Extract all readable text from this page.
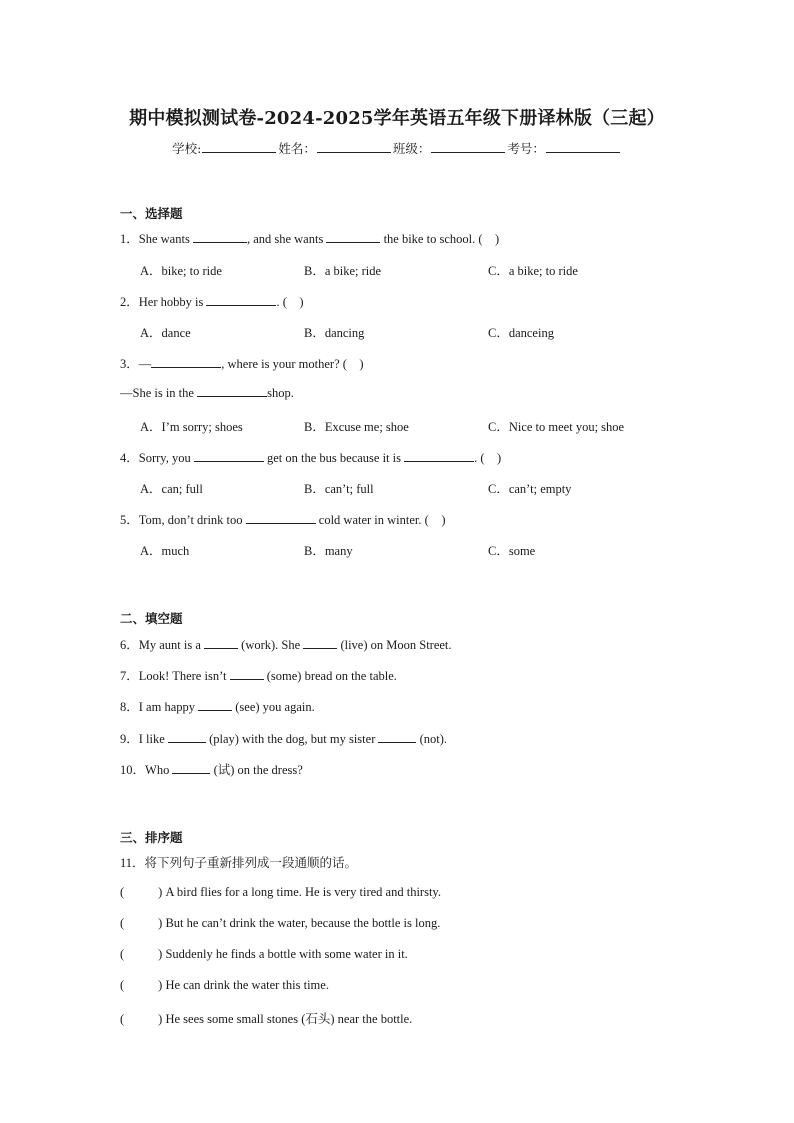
期中模拟测试卷-2024-2025学年英语五年级下册译林版（三起）
学校:	姓名：	班级：	考号：
一、选择题
1．She wants	, and she wants	the bike to school. (　)
A．bike; to ride	B．a bike; ride	C．a bike; to ride
2．Her hobby is	. (　)
A．dance	B．dancing	C．danceing
3．—	, where is your mother? (　)
—She is in the	shop.
A．I’m sorry; shoes	B．Excuse me; shoe	C．Nice to meet you; shoe
4．Sorry, you	get on the bus because it is	. (　)
A．can; full	B．can’t; full	C．can’t; empty
5．Tom, don’t drink too	cold water in winter. (　)
A．much	B．many	C．some
二、填空题
6．My aunt is a	(work). She	(live) on Moon Street.
7．Look! There isn’t	(some) bread on the table.
8．I am happy	(see) you again.
9．I like	(play) with the dog, but my sister	(not).
10．Who	(试) on the dress?
三、排序题
11．将下列句子重新排列成一段通顺的话。
(	) A bird flies for a long time. He is very tired and thirsty.
(	) But he can’t drink the water, because the bottle is long.
(	) Suddenly he finds a bottle with some water in it.
(	) He can drink the water this time.
(	) He sees some small stones (石头) near the bottle.
